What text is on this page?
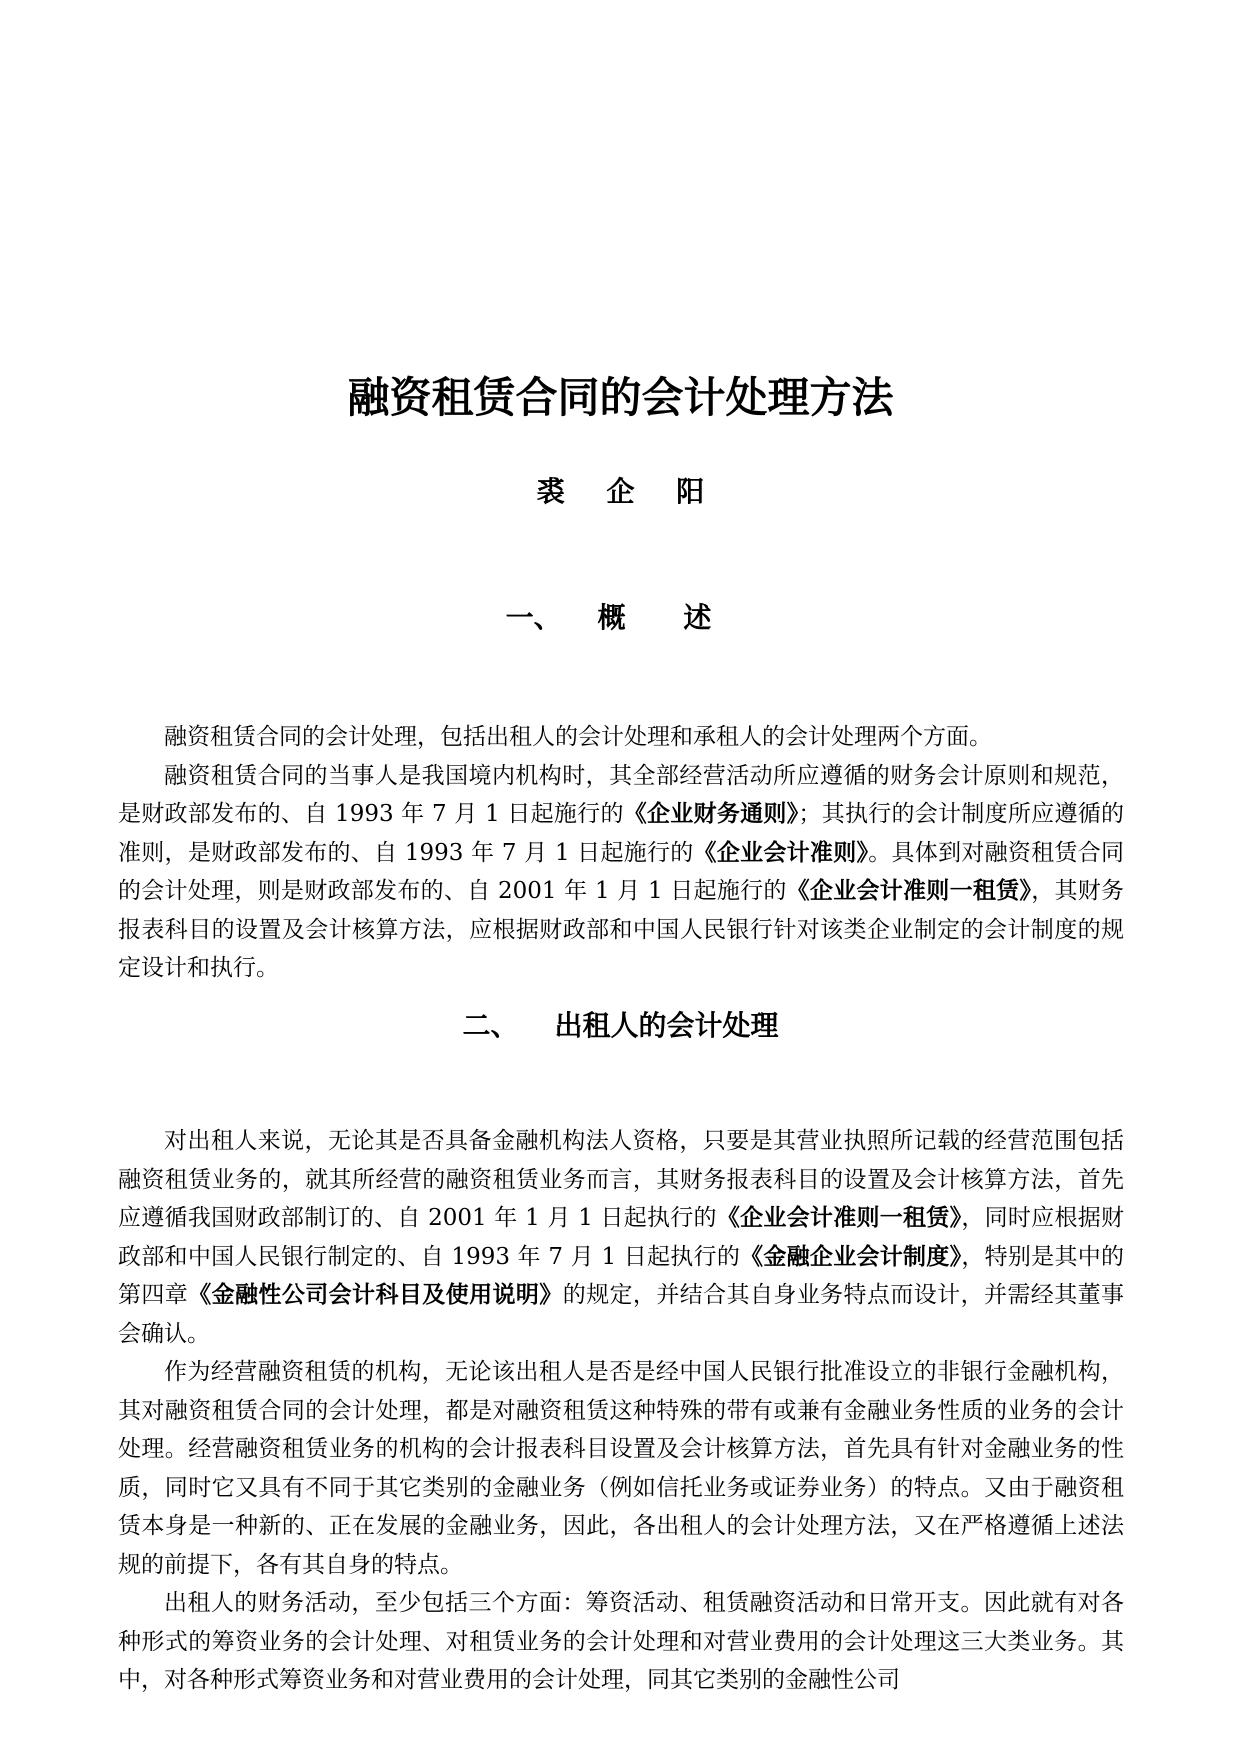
融资租赁合同的会计处理方法
裘 企 阳
一、 概 述

融资租赁合同的会计处理，包括出租人的会计处理和承租人的会计处理两个方面。

融资租赁合同的当事人是我国境内机构时，其全部经营活动所应遵循的财务会计原则和规范，是财政部发布的、自 1993 年 7 月 1 日起施行的《企业财务通则》；其执行的会计制度所应遵循的准则，是财政部发布的、自 1993 年 7 月 1 日起施行的《企业会计准则》。具体到对融资租赁合同的会计处理，则是财政部发布的、自 2001 年 1 月 1 日起施行的《企业会计准则一租赁》，其财务报表科目的设置及会计核算方法，应根据财政部和中国人民银行针对该类企业制定的会计制度的规定设计和执行。

二、 出租人的会计处理

对出租人来说，无论其是否具备金融机构法人资格，只要是其营业执照所记载的经营范围包括融资租赁业务的，就其所经营的融资租赁业务而言，其财务报表科目的设置及会计核算方法，首先应遵循我国财政部制订的、自 2001 年 1 月 1 日起执行的《企业会计准则一租赁》，同时应根据财政部和中国人民银行制定的、自 1993 年 7 月 1 日起执行的《金融企业会计制度》，特别是其中的第四章《金融性公司会计科目及使用说明》的规定，并结合其自身业务特点而设计，并需经其董事会确认。

作为经营融资租赁的机构，无论该出租人是否是经中国人民银行批准设立的非银行金融机构，其对融资租赁合同的会计处理，都是对融资租赁这种特殊的带有或兼有金融业务性质的业务的会计处理。经营融资租赁业务的机构的会计报表科目设置及会计核算方法，首先具有针对金融业务的性质，同时它又具有不同于其它类别的金融业务（例如信托业务或证券业务）的特点。又由于融资租赁本身是一种新的、正在发展的金融业务，因此，各出租人的会计处理方法，又在严格遵循上述法规的前提下，各有其自身的特点。

出租人的财务活动，至少包括三个方面：筹资活动、租赁融资活动和日常开支。因此就有对各种形式的筹资业务的会计处理、对租赁业务的会计处理和对营业费用的会计处理这三大类业务。其中，对各种形式筹资业务和对营业费用的会计处理，同其它类别的金融性公司
